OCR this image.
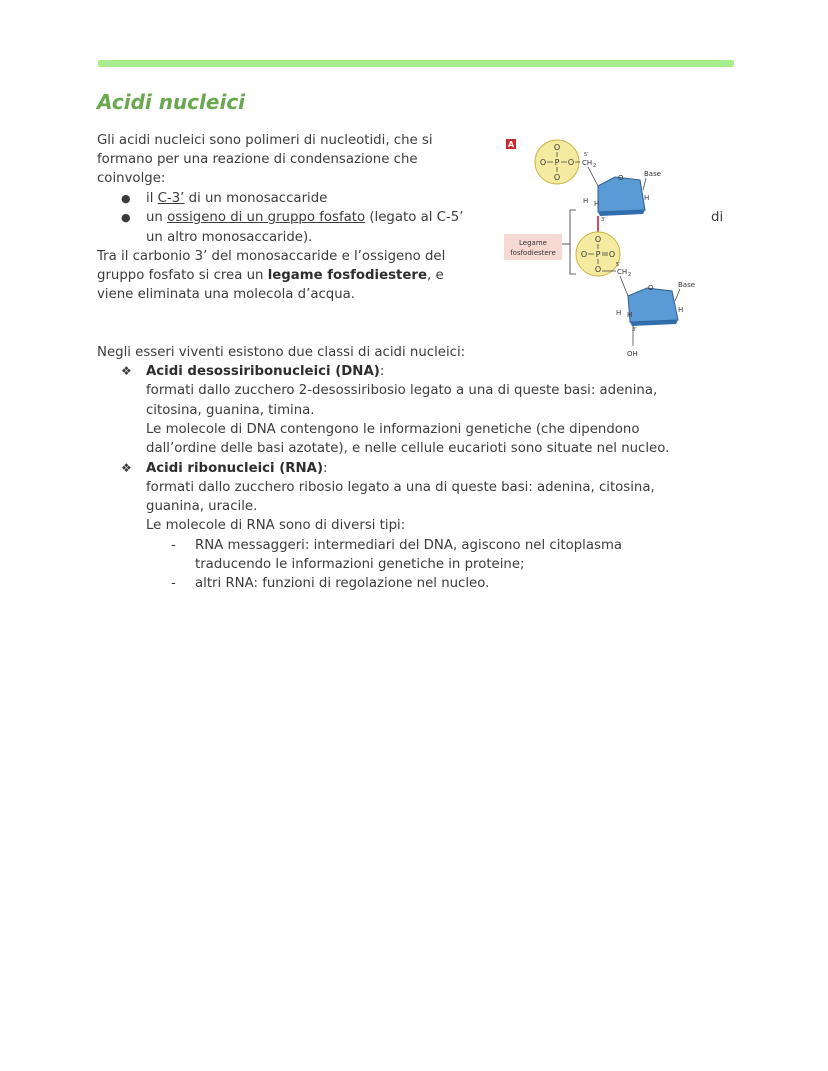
Acidi nucleici
Gli acidi nucleici sono polimeri di nucleotidi, che si
formano per una reazione di condensazione che
coinvolge:
● il C-3’ di un monosaccaride
● un ossigeno di un gruppo fosfato (legato al C-5’	di
un altro monosaccaride).
Tra il carbonio 3’ del monosaccaride e l’ossigeno del
gruppo fosfato si crea un legame fosfodiestere, e
viene eliminata una molecola d’acqua.
Negli esseri viventi esistono due classi di acidi nucleici:
❖ Acidi desossiribonucleici (DNA):
formati dallo zucchero 2-desossiribosio legato a una di queste basi: adenina,
citosina, guanina, timina.
Le molecole di DNA contengono le informazioni genetiche (che dipendono
dall’ordine delle basi azotate), e nelle cellule eucarioti sono situate nel nucleo.
❖ Acidi ribonucleici (RNA):
formati dallo zucchero ribosio legato a una di queste basi: adenina, citosina,
guanina, uracile.
Le molecole di RNA sono di diversi tipi:
- RNA messaggeri: intermediari del DNA, agiscono nel citoplasma
traducendo le informazioni genetiche in proteine;
- altri RNA: funzioni di regolazione nel nucleo.
A	O
P
O	O
O
CH 2
5’
O	Base
H H
H
3’
Legame
fosfodiestere
O
P
O	O
O	5’
CH 2
O	Base
H H
H
3’
OH
